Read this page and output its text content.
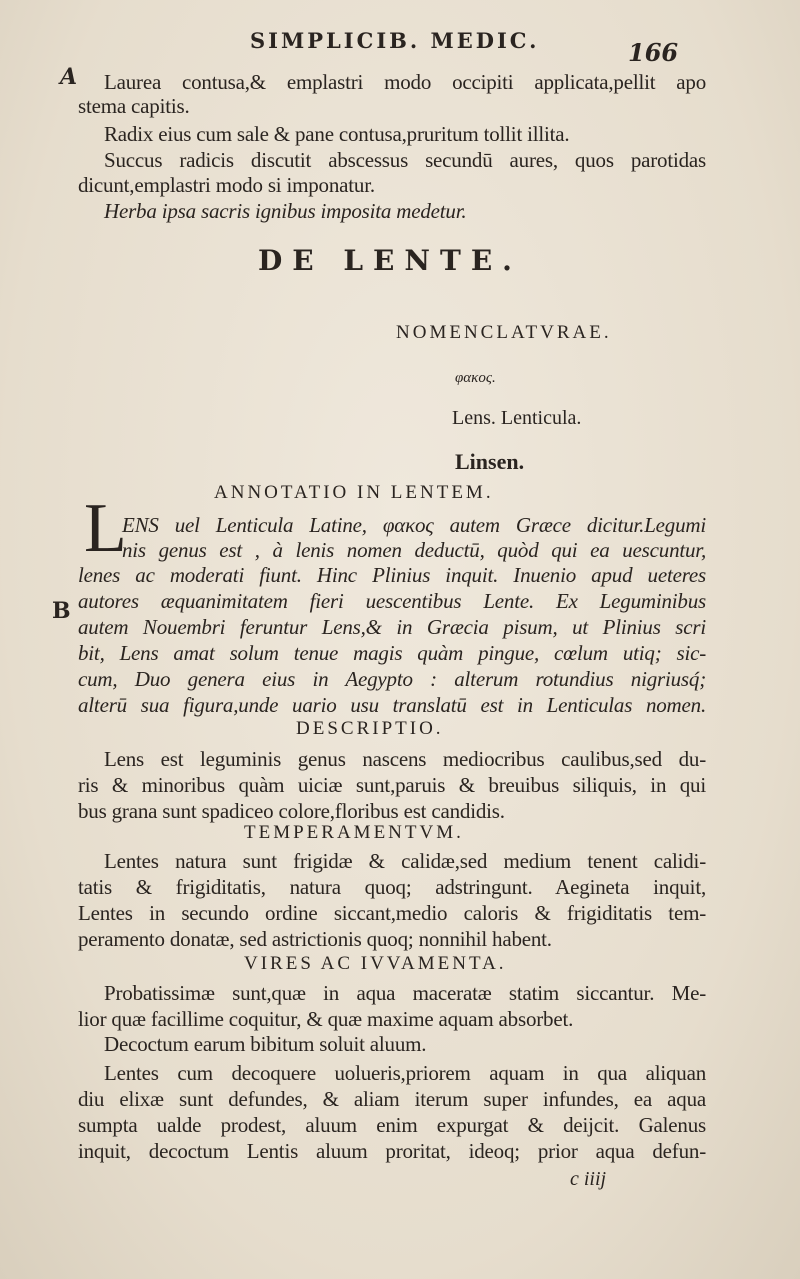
SIMPLICIB. MEDIC.	166
A
B
Laurea contusa,& emplastri modo occipiti applicata,pellit apo
stema capitis.
Radix eius cum sale & pane contusa,pruritum tollit illita.
Succus radicis discutit abscessus secundū aures, quos parotidas
dicunt,emplastri modo si imponatur.
Herba ipsa sacris ignibus imposita medetur.
DE LENTE.
NOMENCLATVRAE.
φακος.
Lens. Lenticula.
Linsen.
ANNOTATIO IN LENTEM.
L
ENS uel Lenticula Latine, φακος autem Græce dicitur.Legumi
nis genus est , à lenis nomen deductū, quòd qui ea uescuntur,
lenes ac moderati fiunt. Hinc Plinius inquit. Inuenio apud ueteres
autores æquanimitatem fieri uescentibus Lente. Ex Leguminibus
autem Nouembri feruntur Lens,& in Græcia pisum, ut Plinius scri
bit, Lens amat solum tenue magis quàm pingue, cœlum utiq; sic-
cum, Duo genera eius in Aegypto : alterum rotundius nigriusq́;
alterū sua figura,unde uario usu translatū est in Lenticulas nomen.
DESCRIPTIO.
Lens est leguminis genus nascens mediocribus caulibus,sed du-
ris & minoribus quàm uiciæ sunt,paruis & breuibus siliquis, in qui
bus grana sunt spadiceo colore,floribus est candidis.
TEMPERAMENTVM.
Lentes natura sunt frigidæ & calidæ,sed medium tenent calidi-
tatis & frigiditatis, natura quoq; adstringunt. Aegineta inquit,
Lentes in secundo ordine siccant,medio caloris & frigiditatis tem-
peramento donatæ, sed astrictionis quoq; nonnihil habent.
VIRES AC IVVAMENTA.
Probatissimæ sunt,quæ in aqua maceratæ statim siccantur. Me-
lior quæ facillime coquitur, & quæ maxime aquam absorbet.
Decoctum earum bibitum soluit aluum.
Lentes cum decoquere uolueris,priorem aquam in qua aliquan
diu elixæ sunt defundes, & aliam iterum super infundes, ea aqua
sumpta ualde prodest, aluum enim expurgat & deijcit. Galenus
inquit, decoctum Lentis aluum proritat, ideoq; prior aqua defun-
c iiij
